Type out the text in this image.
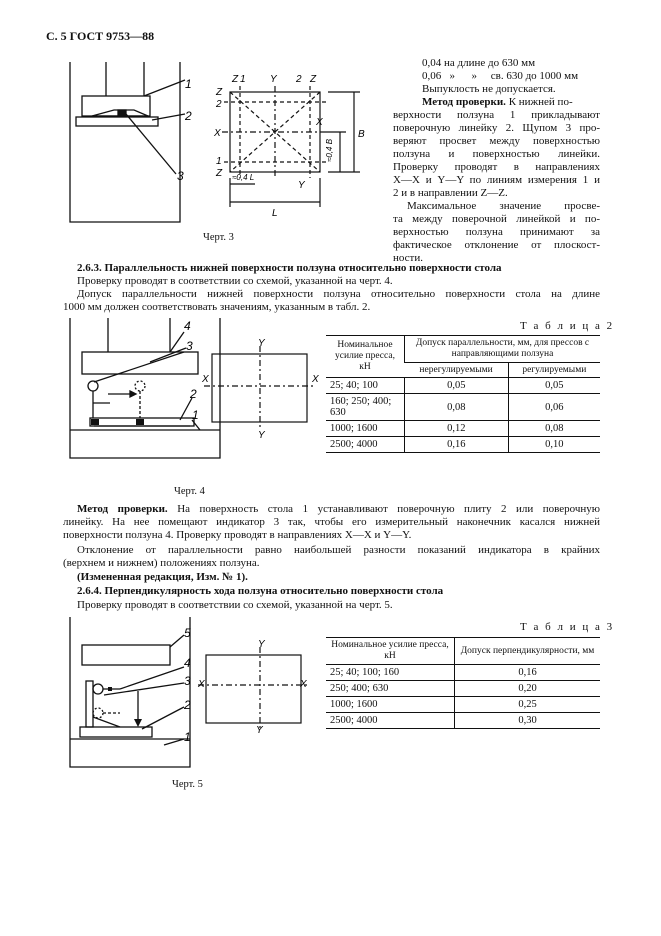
С. 5 ГОСТ 9753—88
1
2
3
Z 1 Y 2 Z
Z
2
X
1
Z
X
Y
B
L
≈0,4 L
≈0,4 B
Черт. 3
0,04 на длине до 630 мм
0,06   »      »     св. 630 до 1000 мм
Выпуклость не допускается.
Метод проверки. К нижней по-
верхности ползуна 1 прикладывают
поверочную линейку 2. Щупом 3 про-
веряют просвет между поверхностью
ползуна и поверхностью линейки.
Проверку проводят в направлениях
X—X и Y—Y по линиям измерения 1 и
2 и в направлении Z—Z.
Максимальное значение просве-
та между поверочной линейкой и по-
верхностью ползуна принимают за
фактическое отклонение от плоскост-
ности.
2.6.3. Параллельность нижней поверхности ползуна относительно поверхности стола
Проверку проводят в соответствии со схемой, указанной на черт. 4.
Допуск параллельности нижней поверхности ползуна относительно поверхности стола на длине
1000 мм должен соответствовать значениям, указанным в табл. 2.
4
3
2
1
X	X
Y
Y
Черт. 4
Т а б л и ц а 2
Номинальное усилие пресса, кН	Допуск параллельности, мм, для прессов с направляющими ползуна	
	нерегулируемыми	регулируемыми
25; 40; 100	0,05	0,05
160; 250; 400; 630	0,08	0,06
1000; 1600	0,12	0,08
2500; 4000	0,16	0,10
Метод проверки. На поверхность стола 1 устанавливают поверочную плиту 2 или поверочную
линейку. На нее помещают индикатор 3 так, чтобы его измерительный наконечник касался нижней
поверхности ползуна 4. Проверку проводят в направлениях X—X и Y—Y.
Отклонение от параллельности равно наибольшей разности показаний индикатора в крайних
(верхнем и нижнем) положениях ползуна.
(Измененная редакция, Изм. № 1).
2.6.4. Перпендикулярность хода ползуна относительно поверхности стола
Проверку проводят в соответствии со схемой, указанной на черт. 5.
5
4
3
2
1
X	X
Y
Y
Черт. 5
Т а б л и ц а 3
Номинальное усилие пресса, кН	Допуск перпендикулярности, мм
25; 40; 100; 160	0,16
250; 400; 630	0,20
1000; 1600	0,25
2500; 4000	0,30
